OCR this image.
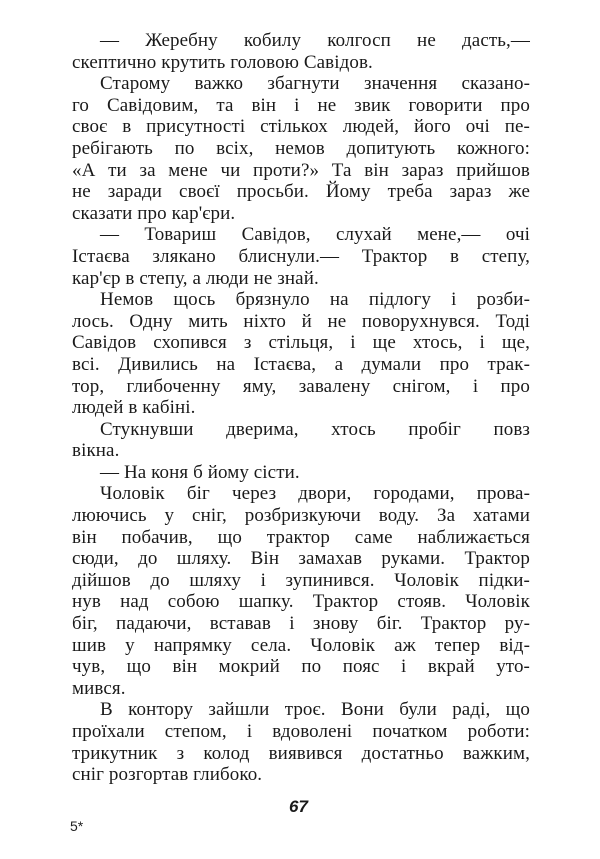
— Жеребну кобилу колгосп не дасть,—
скептично крутить головою Савідов.
Старому важко збагнути значення сказано-
го Савідовим, та він і не звик говорити про
своє в присутності стількох людей, його очі пе-
ребігають по всіх, немов допитують кожного:
«А ти за мене чи проти?» Та він зараз прийшов
не заради своєї просьби. Йому треба зараз же
сказати про кар'єри.
— Товариш Савідов, слухай мене,— очі
Істаєва злякано блиснули.— Трактор в степу,
кар'єр в степу, а люди не знай.
Немов щось брязнуло на підлогу і розби-
лось. Одну мить ніхто й не поворухнувся. Тоді
Савідов схопився з стільця, і ще хтось, і ще,
всі. Дивились на Істаєва, а думали про трак-
тор, глибоченну яму, завалену снігом, і про
людей в кабіні.
Стукнувши дверима, хтось пробіг повз
вікна.
— На коня б йому сісти.
Чоловік біг через двори, городами, прова-
люючись у сніг, розбризкуючи воду. За хатами
він побачив, що трактор саме наближається
сюди, до шляху. Він замахав руками. Трактор
дійшов до шляху і зупинився. Чоловік підки-
нув над собою шапку. Трактор стояв. Чоловік
біг, падаючи, вставав і знову біг. Трактор ру-
шив у напрямку села. Чоловік аж тепер від-
чув, що він мокрий по пояс і вкрай уто-
мився.
В контору зайшли троє. Вони були раді, що
проїхали степом, і вдоволені початком роботи:
трикутник з колод виявився достатньо важким,
сніг розгортав глибоко.
67
5*
